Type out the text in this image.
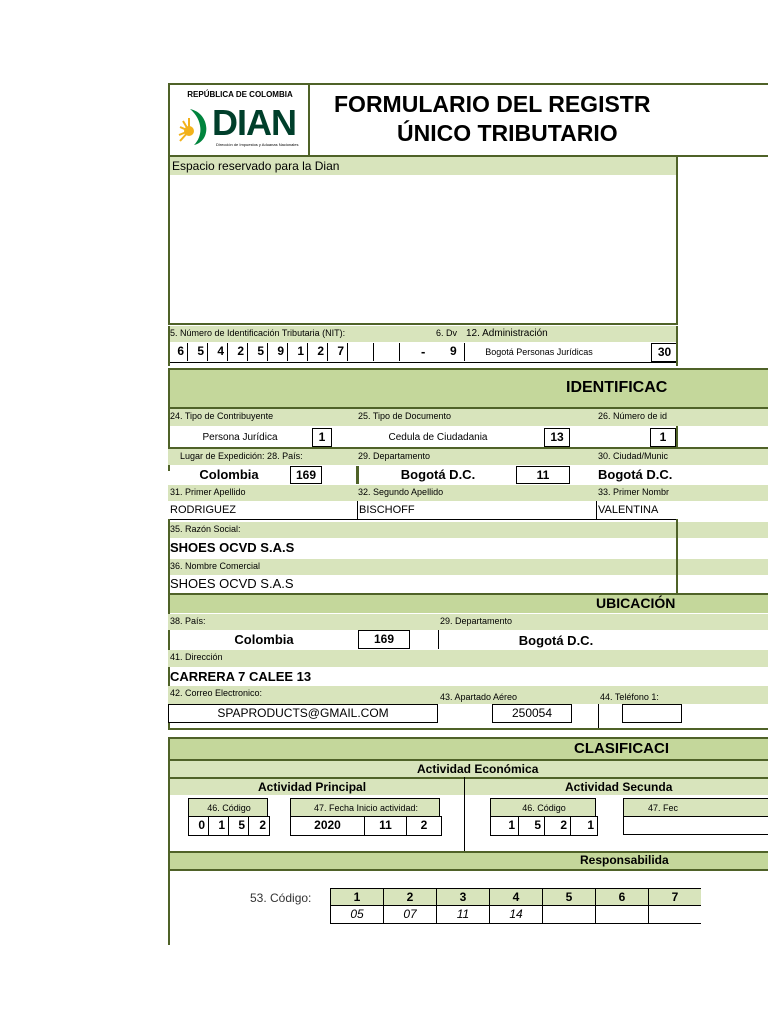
REPÚBLICA DE COLOMBIA
DIAN
Dirección de Impuestos y Aduanas Nacionales
FORMULARIO DEL REGISTR
ÚNICO TRIBUTARIO
Espacio reservado para la Dian
5. Número de Identificación Tributaria (NIT):	6. Dv 12. Administración
6	5	4	2	5	9	1	2	7	- 9	Bogotá Personas Jurídicas	30
IDENTIFICAC
24. Tipo de Contribuyente	25. Tipo de Documento	26. Número de id
Persona Jurídica	1	Cedula de Ciudadania	13	1
Lugar de Expedición: 28. País:	29. Departamento	30. Ciudad/Munic
Colombia	169	Bogotá D.C.	11	Bogotá D.C.
31. Primer Apellido	32. Segundo Apellido	33. Primer Nombr
RODRIGUEZ	BISCHOFF	VALENTINA
35. Razón Social:
SHOES OCVD S.A.S
36. Nombre Comercial
SHOES OCVD S.A.S
UBICACIÓN
38. País:	29. Departamento
Colombia	169	Bogotá D.C.
41. Dirección
CARRERA 7 CALEE 13
42. Correo Electronico:	43. Apartado Aéreo	44. Teléfono 1:
SPAPRODUCTS@GMAIL.COM	250054
CLASIFICACI
Actividad Económica
Actividad Principal	Actividad Secunda
46. Código
0	1	5	2
47. Fecha Inicio actividad:
2020	11	2
46. Código
1	5	2	1
47. Fec
Responsabilida
53. Código:	1	2	3	4	5	6	7
05	07	11	14
